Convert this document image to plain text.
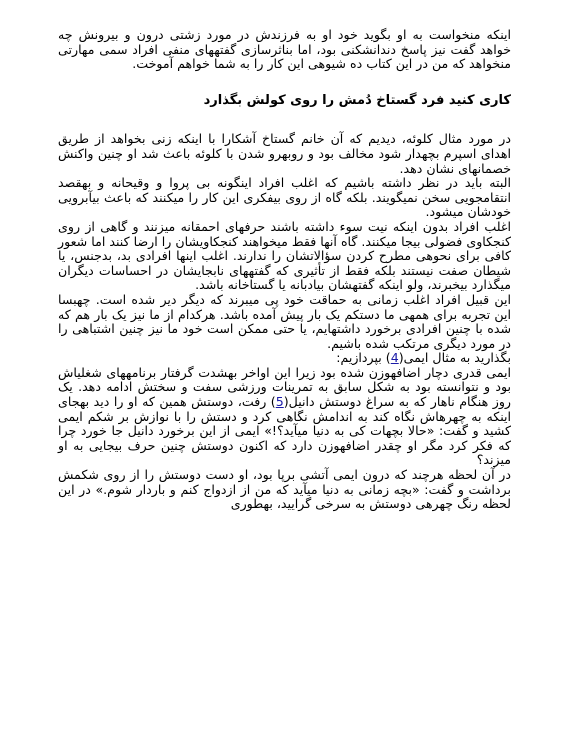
اینکه منخواست به او بگوید خود او به فرزندش در مورد زشتی درون و بیرونش چه خواهد گفت نیز پاسخ دندانشکنی بود، اما بناثرسازی گفتههای منفی افراد سمی مهارتی منخواهد که من در این کتاب ده شیوهی این کار را به شما خواهم آموخت.

کاری کنید فرد گستاخ دُمش را روی کولش بگذارد

در مورد مثال کلوئه، دیدیم که آن خانم گستاخ آشکارا با اینکه زنی بخواهد از طریق اهدای اسپرم بچهدار شود مخالف بود و روبهرو شدن با کلوئه باعث شد او چنین واکنش خصمانهای نشان دهد.

البته باید در نظر داشته باشیم که اغلب افراد اینگونه بی پروا و وقیحانه و بهقصد انتقامجویی سخن نمیگویند. بلکه گاه از روی بیفکری این کار را میکنند که باعث بیآبرویی خودشان میشود.

اغلب افراد بدون اینکه نیت سوء داشته باشند حرفهای احمقانه میزنند و گاهی از روی کنجکاوی فضولی بیجا میکنند. گاه آنها فقط میخواهند کنجکاویشان را ارضا کنند اما شعور کافی برای نحوهی مطرح کردن سؤالاتشان را ندارند. اغلب اینها افرادی بد، بدجنس، یا شیطان صفت نیستند بلکه فقط از تأثیری که گفتههای نابجایشان در احساسات دیگران میگذارد بیخبرند، ولو اینکه گفتهشان بیادبانه یا گستاخانه باشد.

این قبیل افراد اغلب زمانی به حماقت خود پی میبرند که دیگر دیر شده است. چهبسا این تجربه برای همهی ما دستکم یک بار پیش آمده باشد. هرکدام از ما نیز یک بار هم که شده با چنین افرادی برخورد داشتهایم، یا حتی ممکن است خود ما نیز چنین اشتباهی را در مورد دیگری مرتکب شده باشیم.

بگذارید به مثال ایمی(4) بپردازیم:

ایمی قدری دچار اضافهوزن شده بود زیرا این اواخر بهشدت گرفتار برنامههای شغلیاش بود و نتوانسته بود به شکل سابق به تمرینات ورزشی سفت و سختش ادامه دهد. یک روز هنگام ناهار که به سراغ دوستش دانیل(5) رفت، دوستش همین که او را دید بهجای اینکه به چهرهاش نگاه کند به اندامش نگاهی کرد و دستش را با نوازش بر شکم ایمی کشید و گفت: «حالا بچهات کی به دنیا میآید؟!» ایمی از این برخورد دانیل جا خورد چرا که فکر کرد مگر او چقدر اضافهوزن دارد که اکنون دوستش چنین حرف بیجایی به او میزند؟

در آن لحظه هرچند که درون ایمی آتشی برپا بود، او دست دوستش را از روی شکمش برداشت و گفت: «بچه زمانی به دنیا میآید که من از ازدواج کنم و باردار شوم.» در این لحظه رنگ چهرهی دوستش به سرخی گرایید، بهطوری
